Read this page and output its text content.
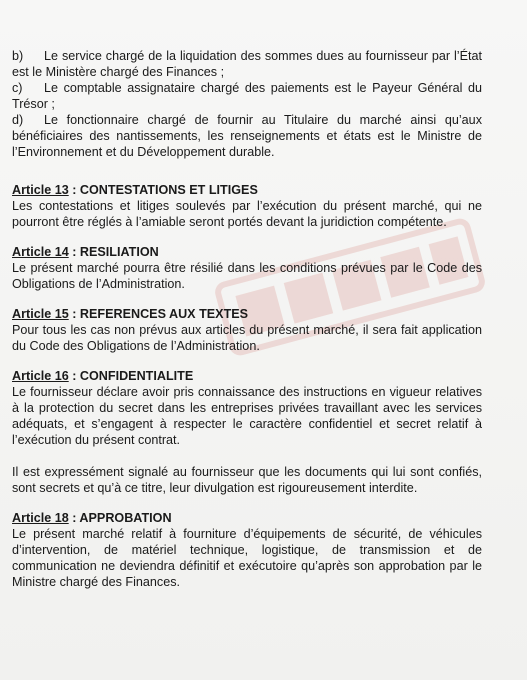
b) Le service chargé de la liquidation des sommes dues au fournisseur par l’État est le Ministère chargé des Finances ;

c) Le comptable assignataire chargé des paiements est le Payeur Général du Trésor ;

d) Le fonctionnaire chargé de fournir au Titulaire du marché ainsi qu’aux bénéficiaires des nantissements, les renseignements et états est le Ministre de l’Environnement et du Développement durable.

Article 13 : CONTESTATIONS ET LITIGES

Les contestations et litiges soulevés par l’exécution du présent marché, qui ne pourront être réglés à l’amiable seront portés devant la juridiction compétente.

Article 14 : RESILIATION

Le présent marché pourra être résilié dans les conditions prévues par le Code des Obligations de l’Administration.

Article 15 : REFERENCES AUX TEXTES

Pour tous les cas non prévus aux articles du présent marché, il sera fait application du Code des Obligations de l’Administration.

Article 16 : CONFIDENTIALITE

Le fournisseur déclare avoir pris connaissance des instructions en vigueur relatives à la protection du secret dans les entreprises privées travaillant avec les services adéquats, et s’engagent à respecter le caractère confidentiel et secret relatif à l’exécution du présent contrat.

Il est expressément signalé au fournisseur que les documents qui lui sont confiés, sont secrets et qu’à ce titre, leur divulgation est rigoureusement interdite.

Article 18 : APPROBATION

Le présent marché relatif à fourniture d’équipements de sécurité, de véhicules d’intervention, de matériel technique, logistique, de transmission et de communication ne deviendra définitif et exécutoire qu’après son approbation par le Ministre chargé des Finances.
